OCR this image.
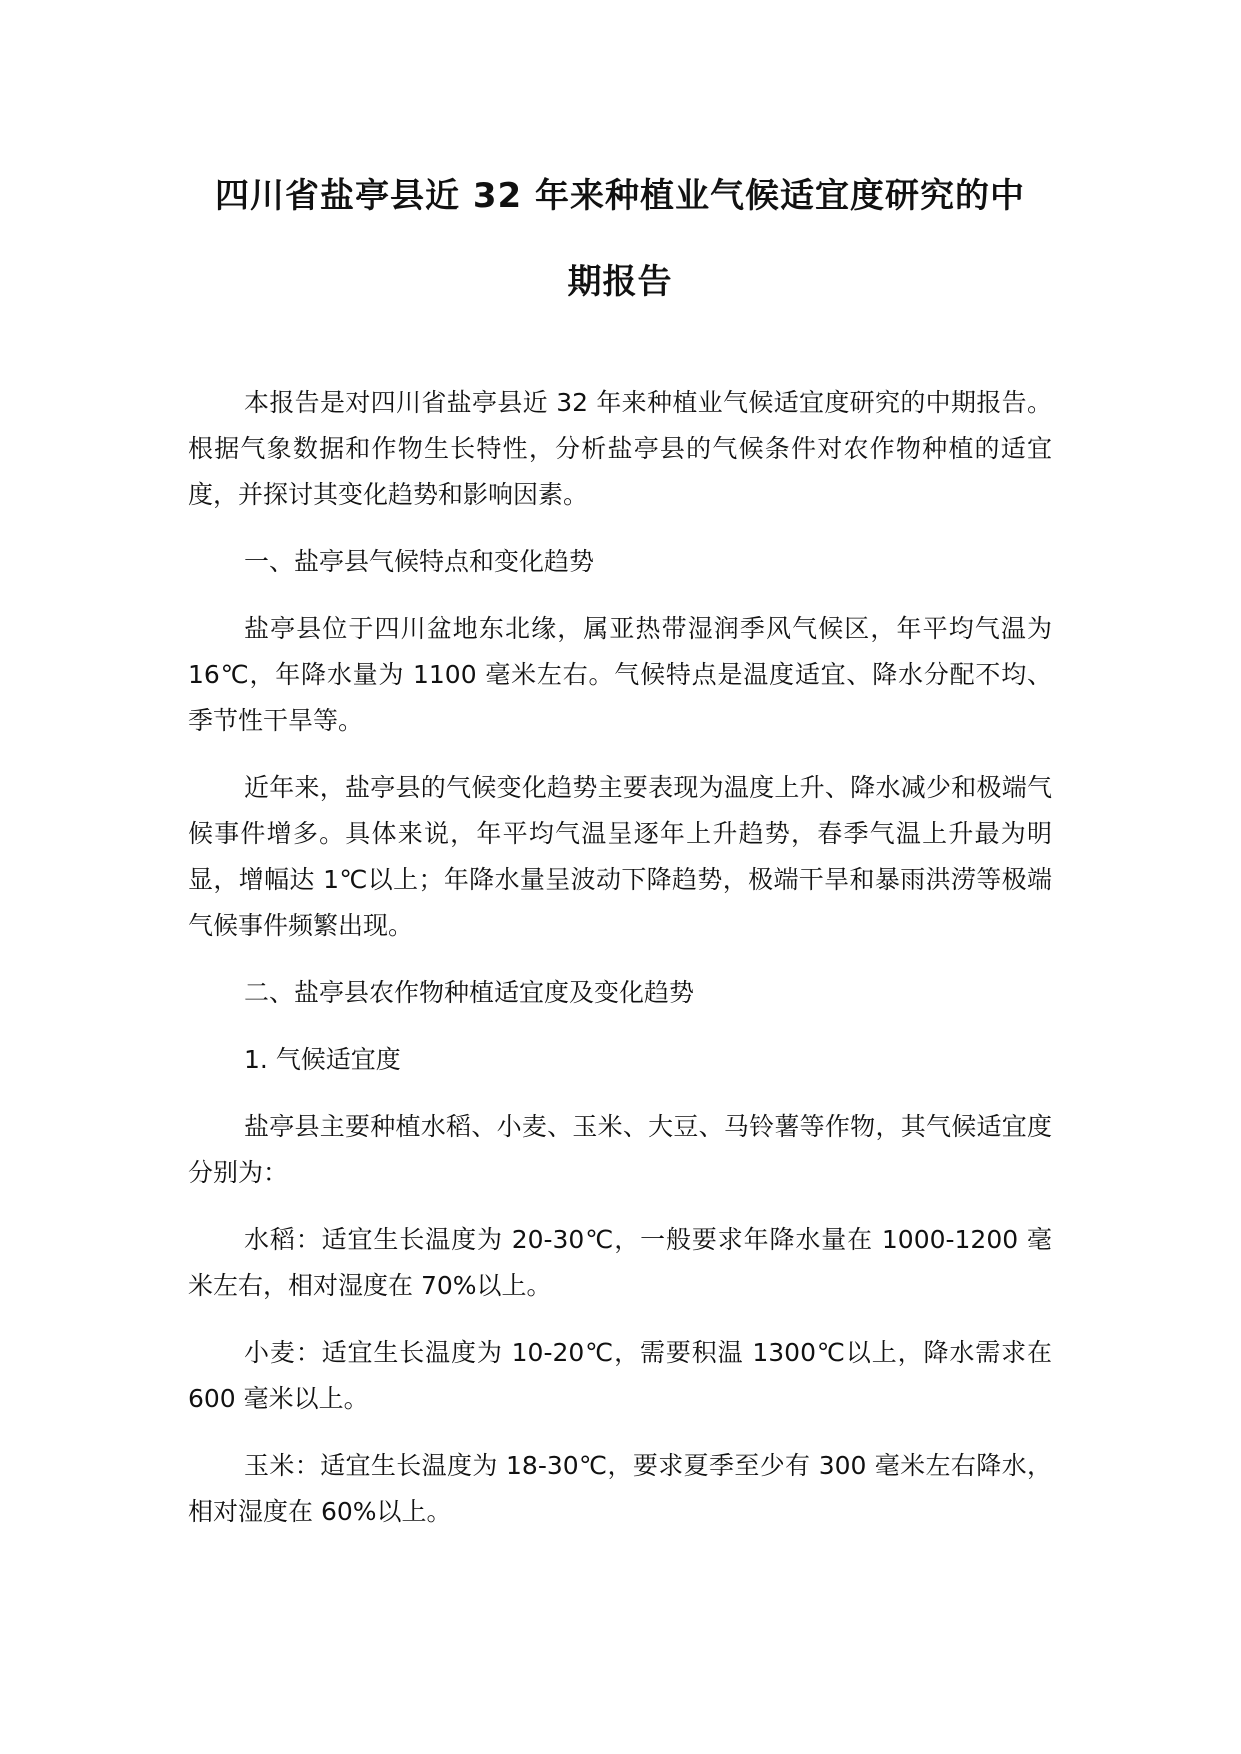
四川省盐亭县近 32 年来种植业气候适宜度研究的中
期报告

本报告是对四川省盐亭县近 32 年来种植业气候适宜度研究的中期报告。根据气象数据和作物生长特性，分析盐亭县的气候条件对农作物种植的适宜度，并探讨其变化趋势和影响因素。

一、盐亭县气候特点和变化趋势

盐亭县位于四川盆地东北缘，属亚热带湿润季风气候区，年平均气温为 16℃，年降水量为 1100 毫米左右。气候特点是温度适宜、降水分配不均、季节性干旱等。

近年来，盐亭县的气候变化趋势主要表现为温度上升、降水减少和极端气候事件增多。具体来说，年平均气温呈逐年上升趋势，春季气温上升最为明显，增幅达 1℃以上；年降水量呈波动下降趋势，极端干旱和暴雨洪涝等极端气候事件频繁出现。

二、盐亭县农作物种植适宜度及变化趋势

1. 气候适宜度

盐亭县主要种植水稻、小麦、玉米、大豆、马铃薯等作物，其气候适宜度分别为：

水稻：适宜生长温度为 20-30℃，一般要求年降水量在 1000-1200 毫米左右，相对湿度在 70%以上。

小麦：适宜生长温度为 10-20℃，需要积温 1300℃以上，降水需求在 600 毫米以上。

玉米：适宜生长温度为 18-30℃，要求夏季至少有 300 毫米左右降水，相对湿度在 60%以上。
